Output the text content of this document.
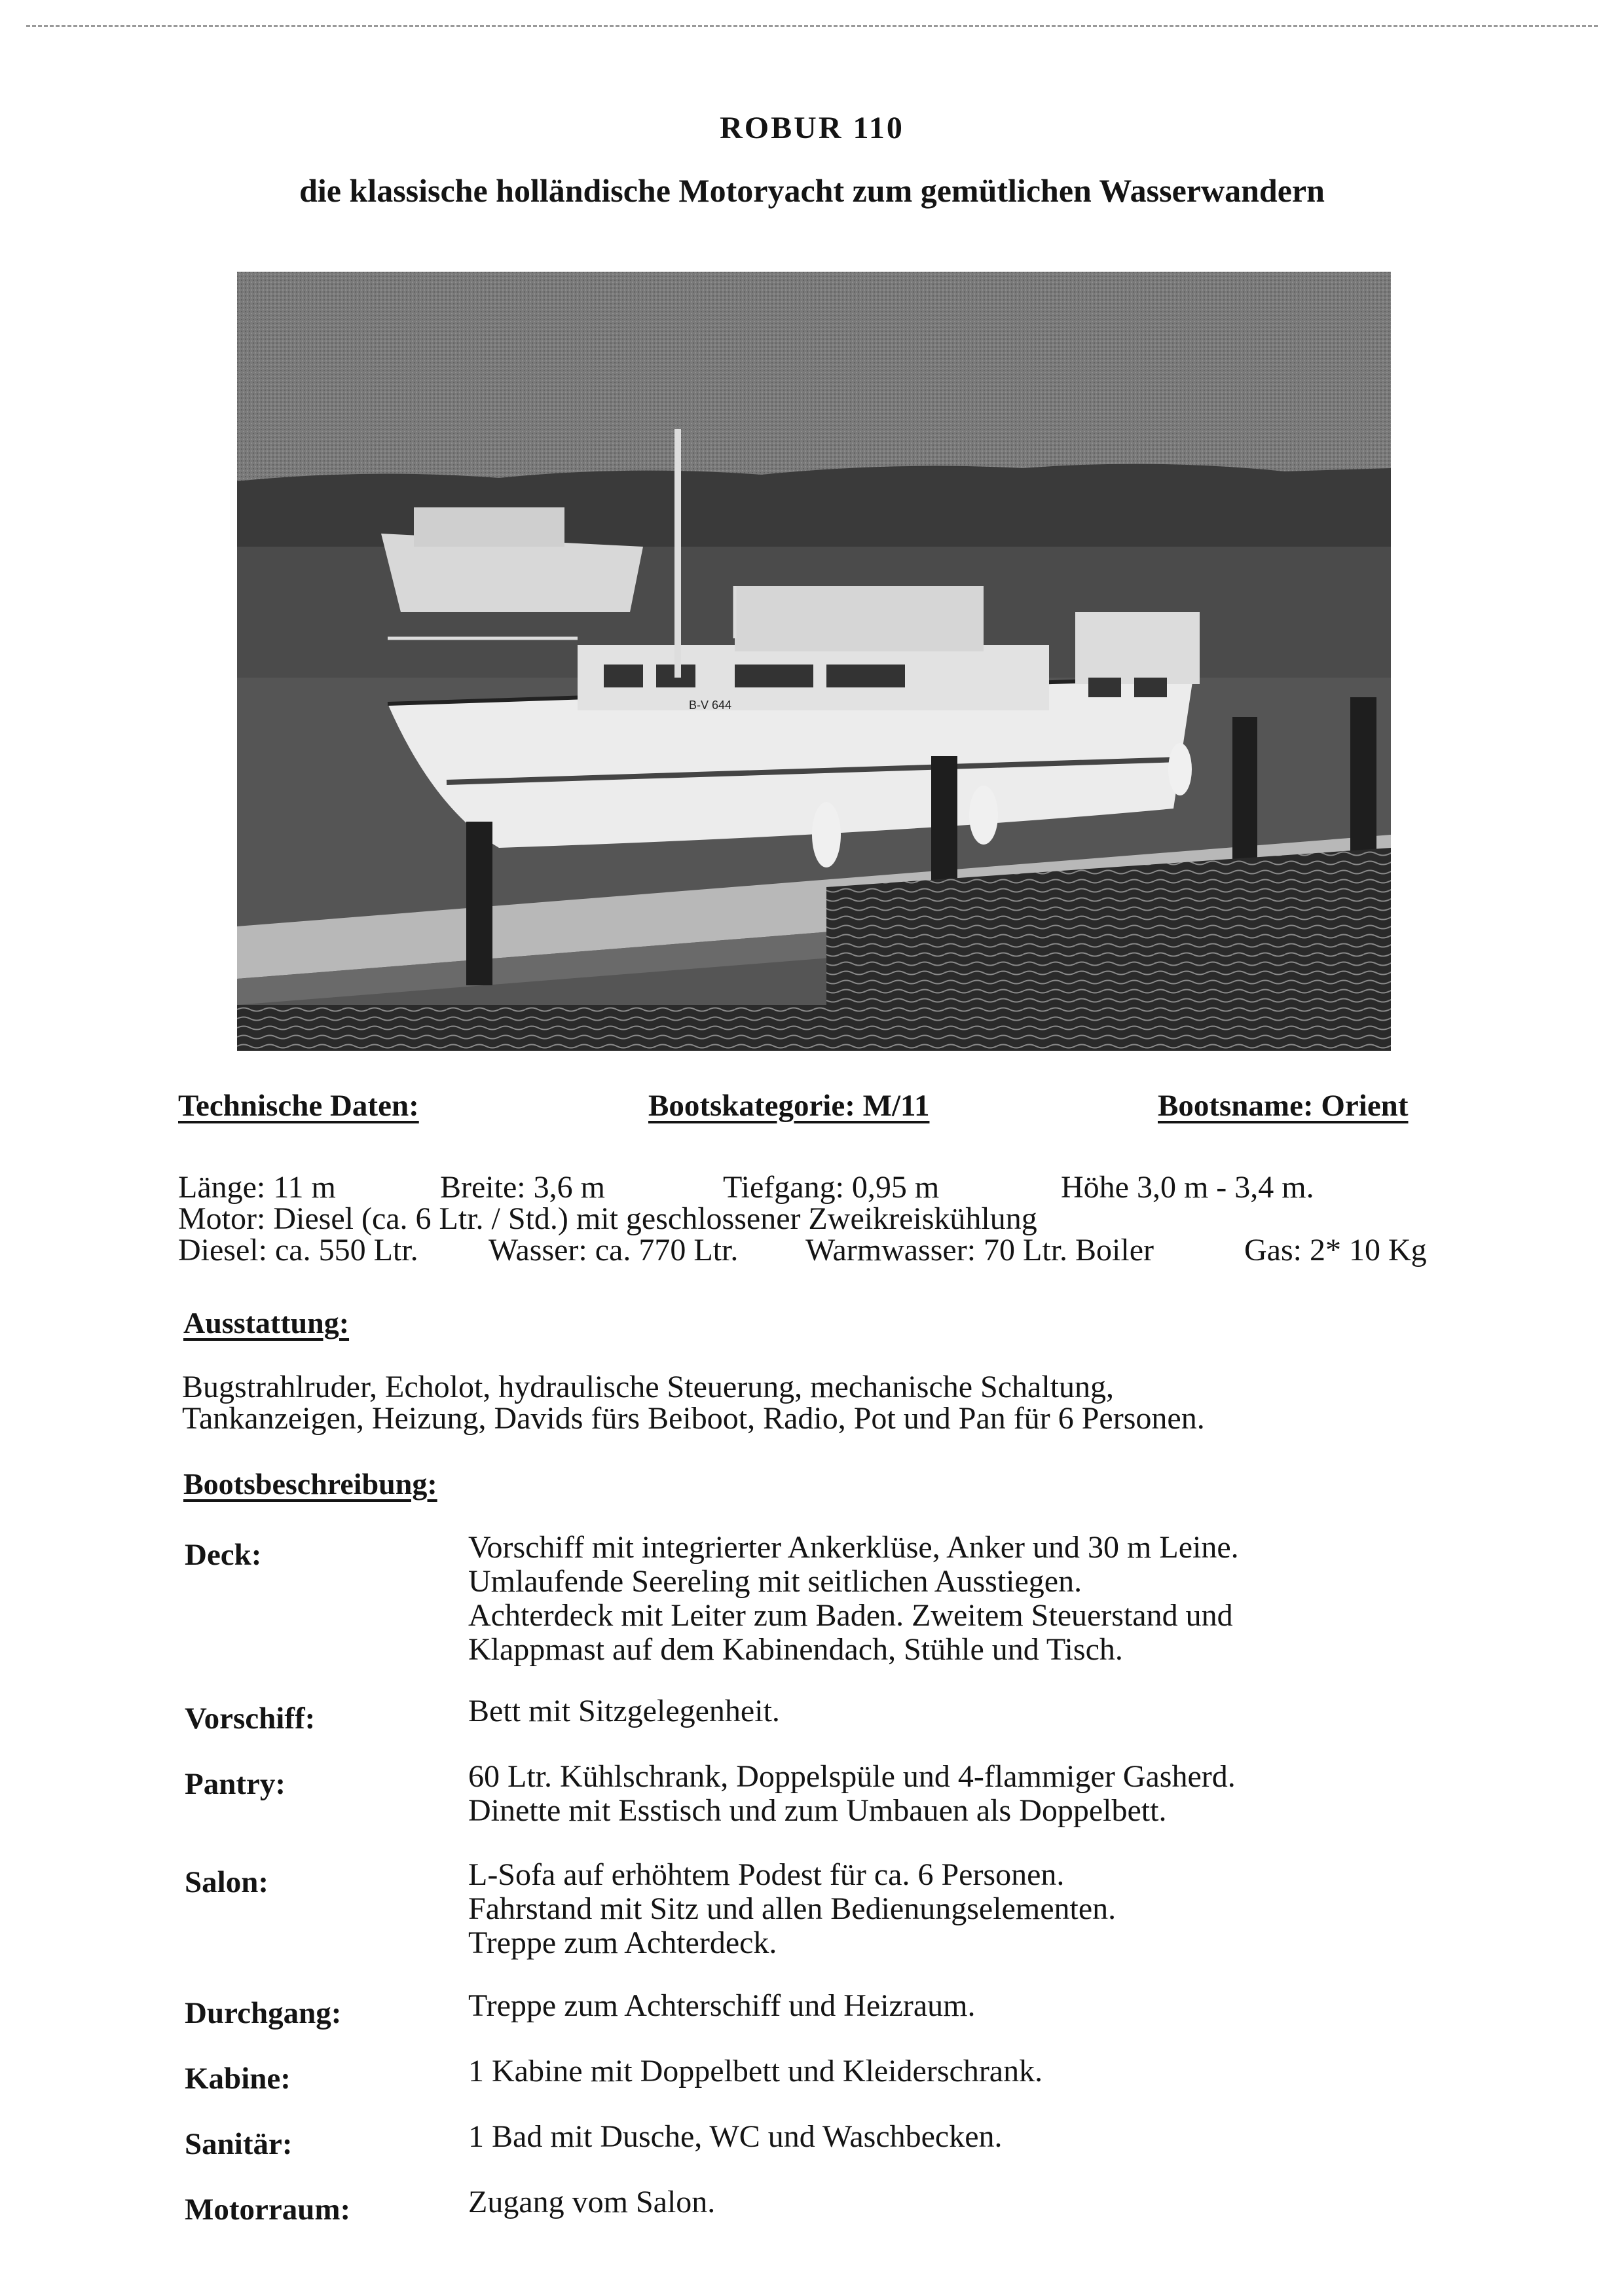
ROBUR 110
die klassische holländische Motoryacht zum gemütlichen Wasserwandern
B-V 644
Technische Daten:	Bootskategorie: M/11	Bootsname: Orient
Länge: 11 m	Breite: 3,6 m	Tiefgang: 0,95 m	Höhe 3,0 m - 3,4 m.
Motor: Diesel (ca. 6 Ltr. / Std.) mit geschlossener Zweikreiskühlung
Diesel: ca. 550 Ltr. Wasser: ca. 770 Ltr. Warmwasser: 70 Ltr. Boiler	Gas: 2* 10 Kg
Ausstattung:
Bugstrahlruder, Echolot, hydraulische Steuerung, mechanische Schaltung,
Tankanzeigen, Heizung, Davids fürs Beiboot, Radio, Pot und Pan für 6 Personen.
Bootsbeschreibung:
Deck:	Vorschiff mit integrierter Ankerklüse, Anker und 30 m Leine.
Umlaufende Seereling mit seitlichen Ausstiegen.
Achterdeck mit Leiter zum Baden. Zweitem Steuerstand und
Klappmast auf dem Kabinendach, Stühle und Tisch.
Vorschiff:	Bett mit Sitzgelegenheit.
Pantry:	60 Ltr. Kühlschrank, Doppelspüle und 4-flammiger Gasherd.
Dinette mit Esstisch und zum Umbauen als Doppelbett.
Salon:	L-Sofa auf erhöhtem Podest für ca. 6 Personen.
Fahrstand mit Sitz und allen Bedienungselementen.
Treppe zum Achterdeck.
Durchgang:	Treppe zum Achterschiff und Heizraum.
Kabine:	1 Kabine mit Doppelbett und Kleiderschrank.
Sanitär:	1 Bad mit Dusche, WC und Waschbecken.
Motorraum:	Zugang vom Salon.
